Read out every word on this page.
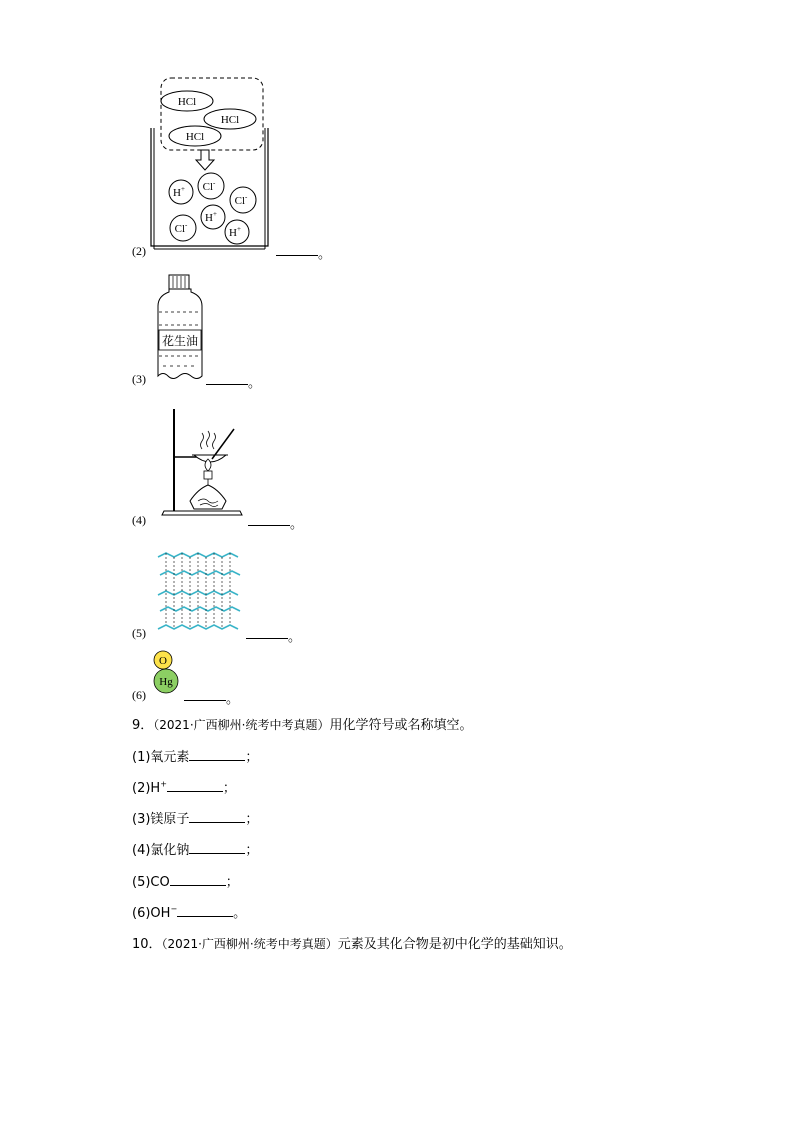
HCl
HCl
HCl
H+ Cl-
Cl-
Cl-
H+
H+
(2)	。
花生油
(3)	。
(4)	。
(5)	。
O
Hg
(6)	。
9．（2021·广西柳州·统考中考真题）用化学符号或名称填空。
(1)氧元素	；
(2)H+	；
(3)镁原子	；
(4)氯化钠	；
(5)CO	；
(6)OH−	。
10．（2021·广西柳州·统考中考真题）元素及其化合物是初中化学的基础知识。
